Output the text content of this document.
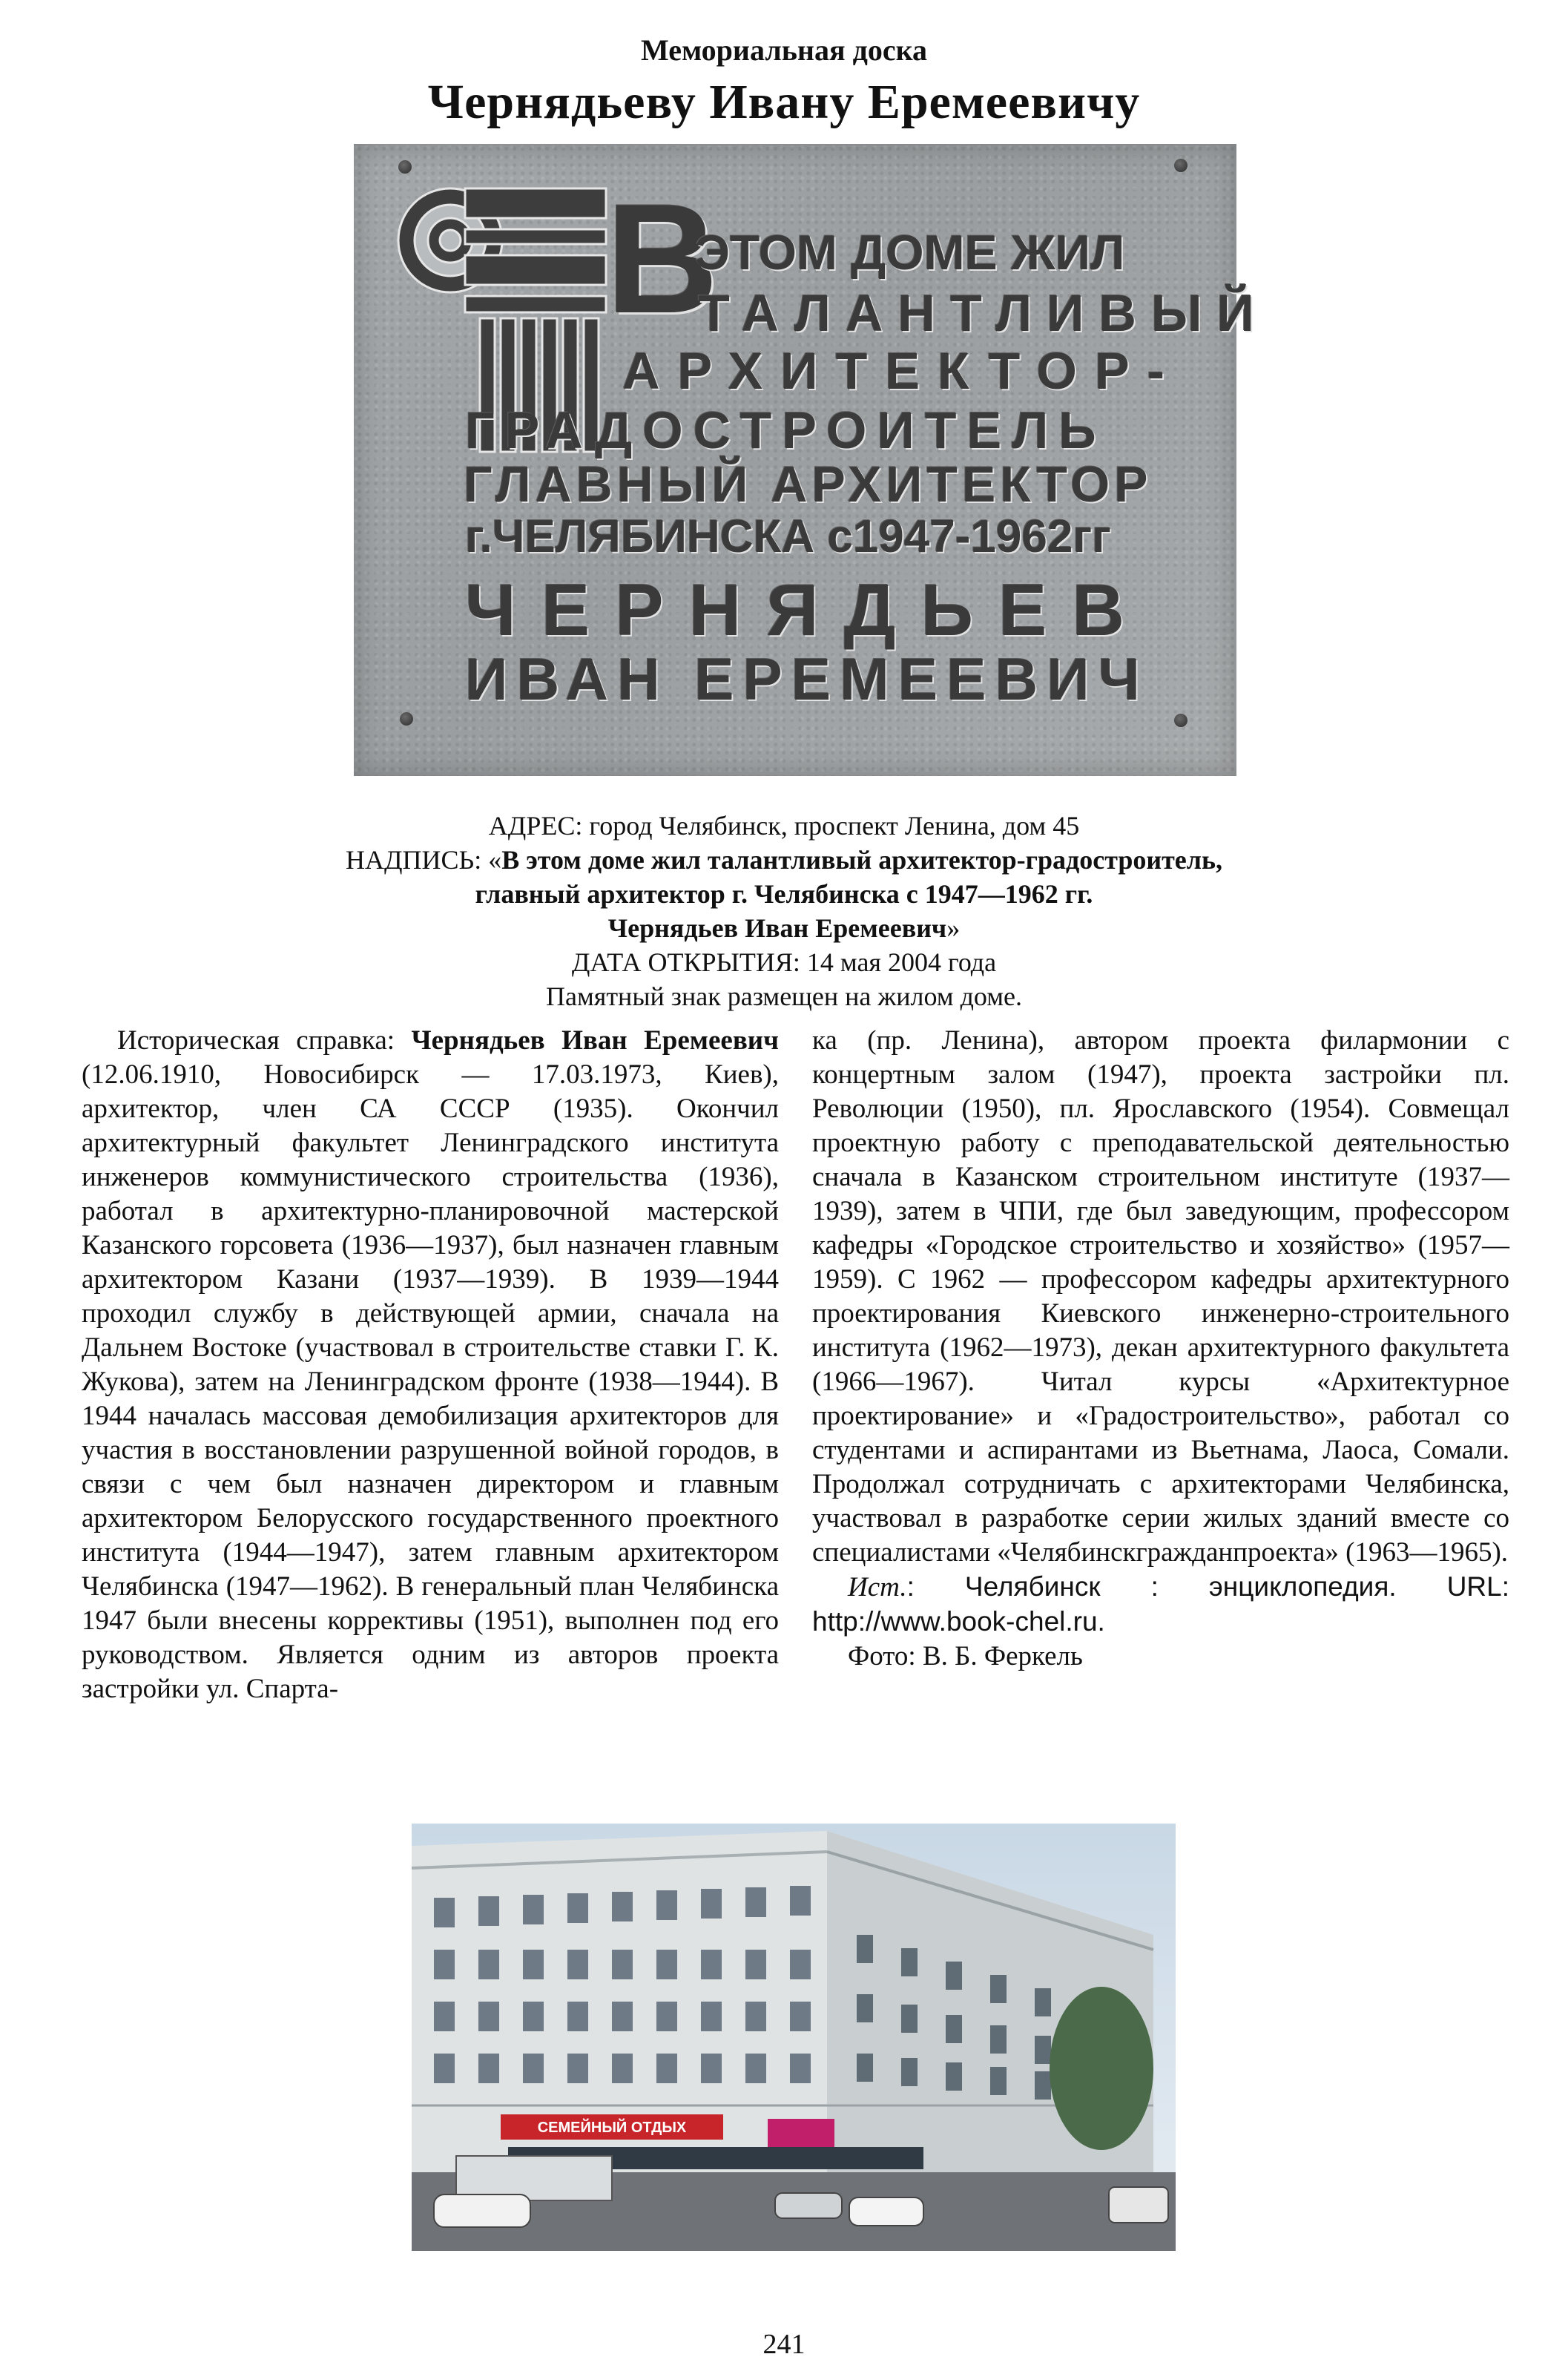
Мемориальная доска
Чернядьеву Ивану Еремеевичу
В
ЭТОМ ДОМЕ ЖИЛ
ТАЛАНТЛИВЫЙ
АРХИТЕКТОР-
ГРАДОСТРОИТЕЛЬ
ГЛАВНЫЙ АРХИТЕКТОР
г.ЧЕЛЯБИНСКА с1947-1962гг
ЧЕРНЯДЬЕВ
ИВАН ЕРЕМЕЕВИЧ
АДРЕС: город Челябинск, проспект Ленина, дом 45
НАДПИСЬ: «В этом доме жил талантливый архитектор-градостроитель,
главный архитектор г. Челябинска с 1947—1962 гг.
Чернядьев Иван Еремеевич»
ДАТА ОТКРЫТИЯ: 14 мая 2004 года
Памятный знак размещен на жилом доме.

Историческая справка: Чернядьев Иван Еремеевич (12.06.1910, Новосибирск — 17.03.1973, Киев), архитектор, член СА СССР (1935). Окончил архитектурный факультет Ленинградского института инженеров коммунистического строительства (1936), работал в архитектурно-планировочной мастерской Казанского горсовета (1936—1937), был назначен главным архитектором Казани (1937—1939). В 1939—1944 проходил службу в действующей армии, сначала на Дальнем Востоке (участвовал в строительстве ставки Г. К. Жукова), затем на Ленинградском фронте (1938—1944). В 1944 началась массовая демобилизация архитекторов для участия в восстановлении разрушенной войной городов, в связи с чем был назначен директором и главным архитектором Белорусского государственного проектного института (1944—1947), затем главным архитектором Челябинска (1947—1962). В генеральный план Челябинска 1947 были внесены коррективы (1951), выполнен под его руководством. Является одним из авторов проекта застройки ул. Спарта-

ка (пр. Ленина), автором проекта филармонии с концертным залом (1947), проекта застройки пл. Революции (1950), пл. Ярославского (1954). Совмещал проектную работу с преподавательской деятельностью сначала в Казанском строительном институте (1937—1939), затем в ЧПИ, где был заведующим, профессором кафедры «Городское строительство и хозяйство» (1957—1959). С 1962 — профессором кафедры архитектурного проектирования Киевского инженерно-строительного института (1962—1973), декан архитектурного факультета (1966—1967). Читал курсы «Архитектурное проектирование» и «Градостроительство», работал со студентами и аспирантами из Вьетнама, Лаоса, Сомали. Продолжал сотрудничать с архитекторами Челябинска, участвовал в разработке серии жилых зданий вместе со специалистами «Челябинскгражданпроекта» (1963—1965).

Ист.: Челябинск : энциклопедия. URL: http://www.book-chel.ru.

Фото: В. Б. Феркель

СЕМЕЙНЫЙ ОТДЫХ
241
